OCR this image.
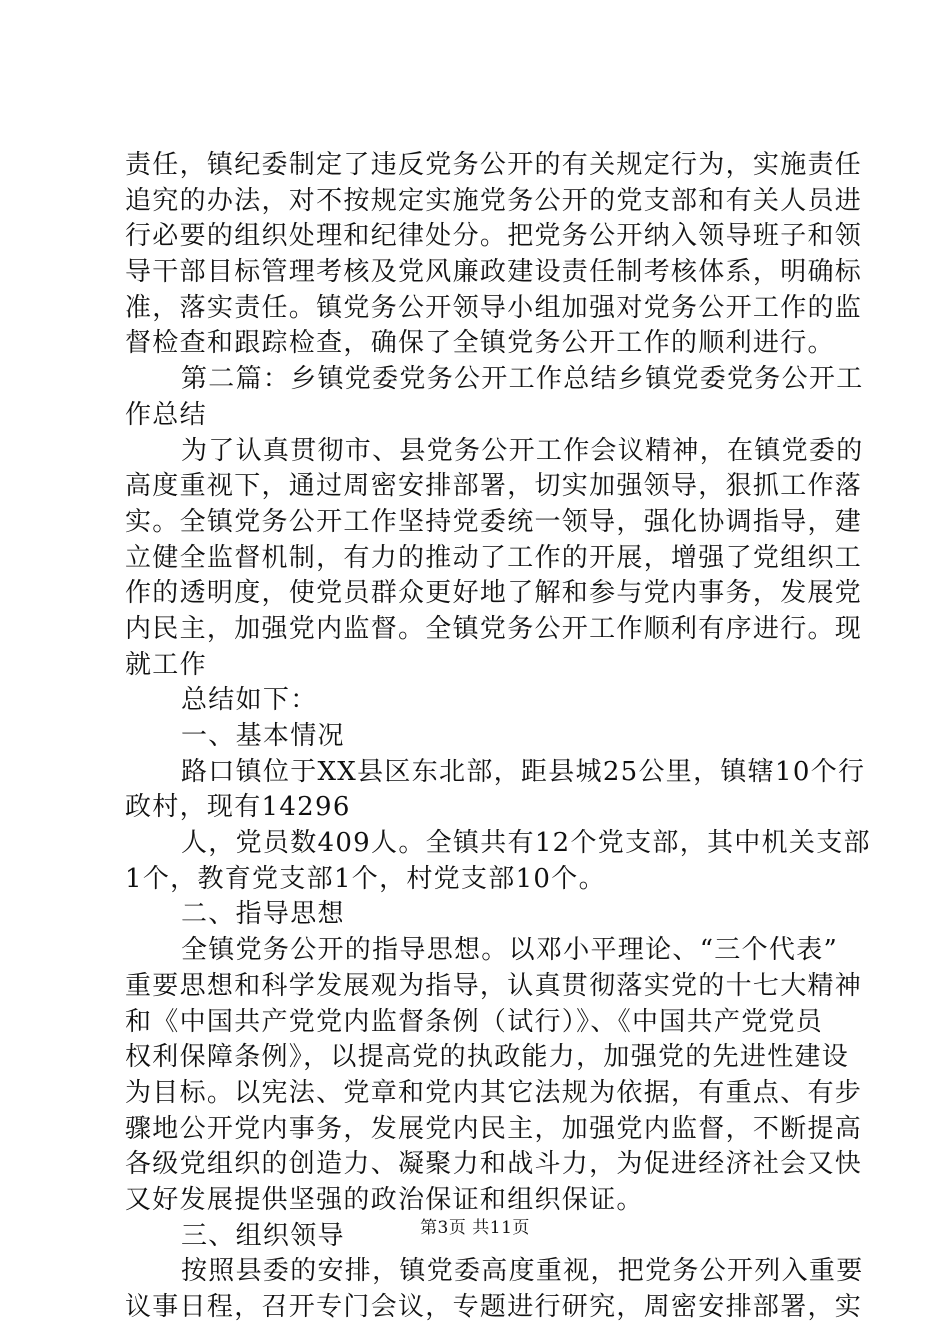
责任，镇纪委制定了违反党务公开的有关规定行为，实施责任
追究的办法，对不按规定实施党务公开的党支部和有关人员进
行必要的组织处理和纪律处分。把党务公开纳入领导班子和领
导干部目标管理考核及党风廉政建设责任制考核体系，明确标
准，落实责任。镇党务公开领导小组加强对党务公开工作的监
督检查和跟踪检查，确保了全镇党务公开工作的顺利进行。
第二篇：乡镇党委党务公开工作总结乡镇党委党务公开工
作总结
为了认真贯彻市、县党务公开工作会议精神，在镇党委的
高度重视下，通过周密安排部署，切实加强领导，狠抓工作落
实。全镇党务公开工作坚持党委统一领导，强化协调指导，建
立健全监督机制，有力的推动了工作的开展，增强了党组织工
作的透明度，使党员群众更好地了解和参与党内事务，发展党
内民主，加强党内监督。全镇党务公开工作顺利有序进行。现
就工作
总结如下：
一、基本情况
路口镇位于XX县区东北部，距县城25公里，镇辖10个行
政村，现有14296
人，党员数409人。全镇共有12个党支部，其中机关支部
1个，教育党支部1个，村党支部10个。
二、指导思想
全镇党务公开的指导思想。以邓小平理论、“三个代表”
重要思想和科学发展观为指导，认真贯彻落实党的十七大精神
和《中国共产党党内监督条例（试行）》、《中国共产党党员
权利保障条例》，以提高党的执政能力，加强党的先进性建设
为目标。以宪法、党章和党内其它法规为依据，有重点、有步
骤地公开党内事务，发展党内民主，加强党内监督，不断提高
各级党组织的创造力、凝聚力和战斗力，为促进经济社会又快
又好发展提供坚强的政治保证和组织保证。
三、组织领导
按照县委的安排，镇党委高度重视，把党务公开列入重要
议事日程，召开专门会议，专题进行研究，周密安排部署，实
第3页 共11页
